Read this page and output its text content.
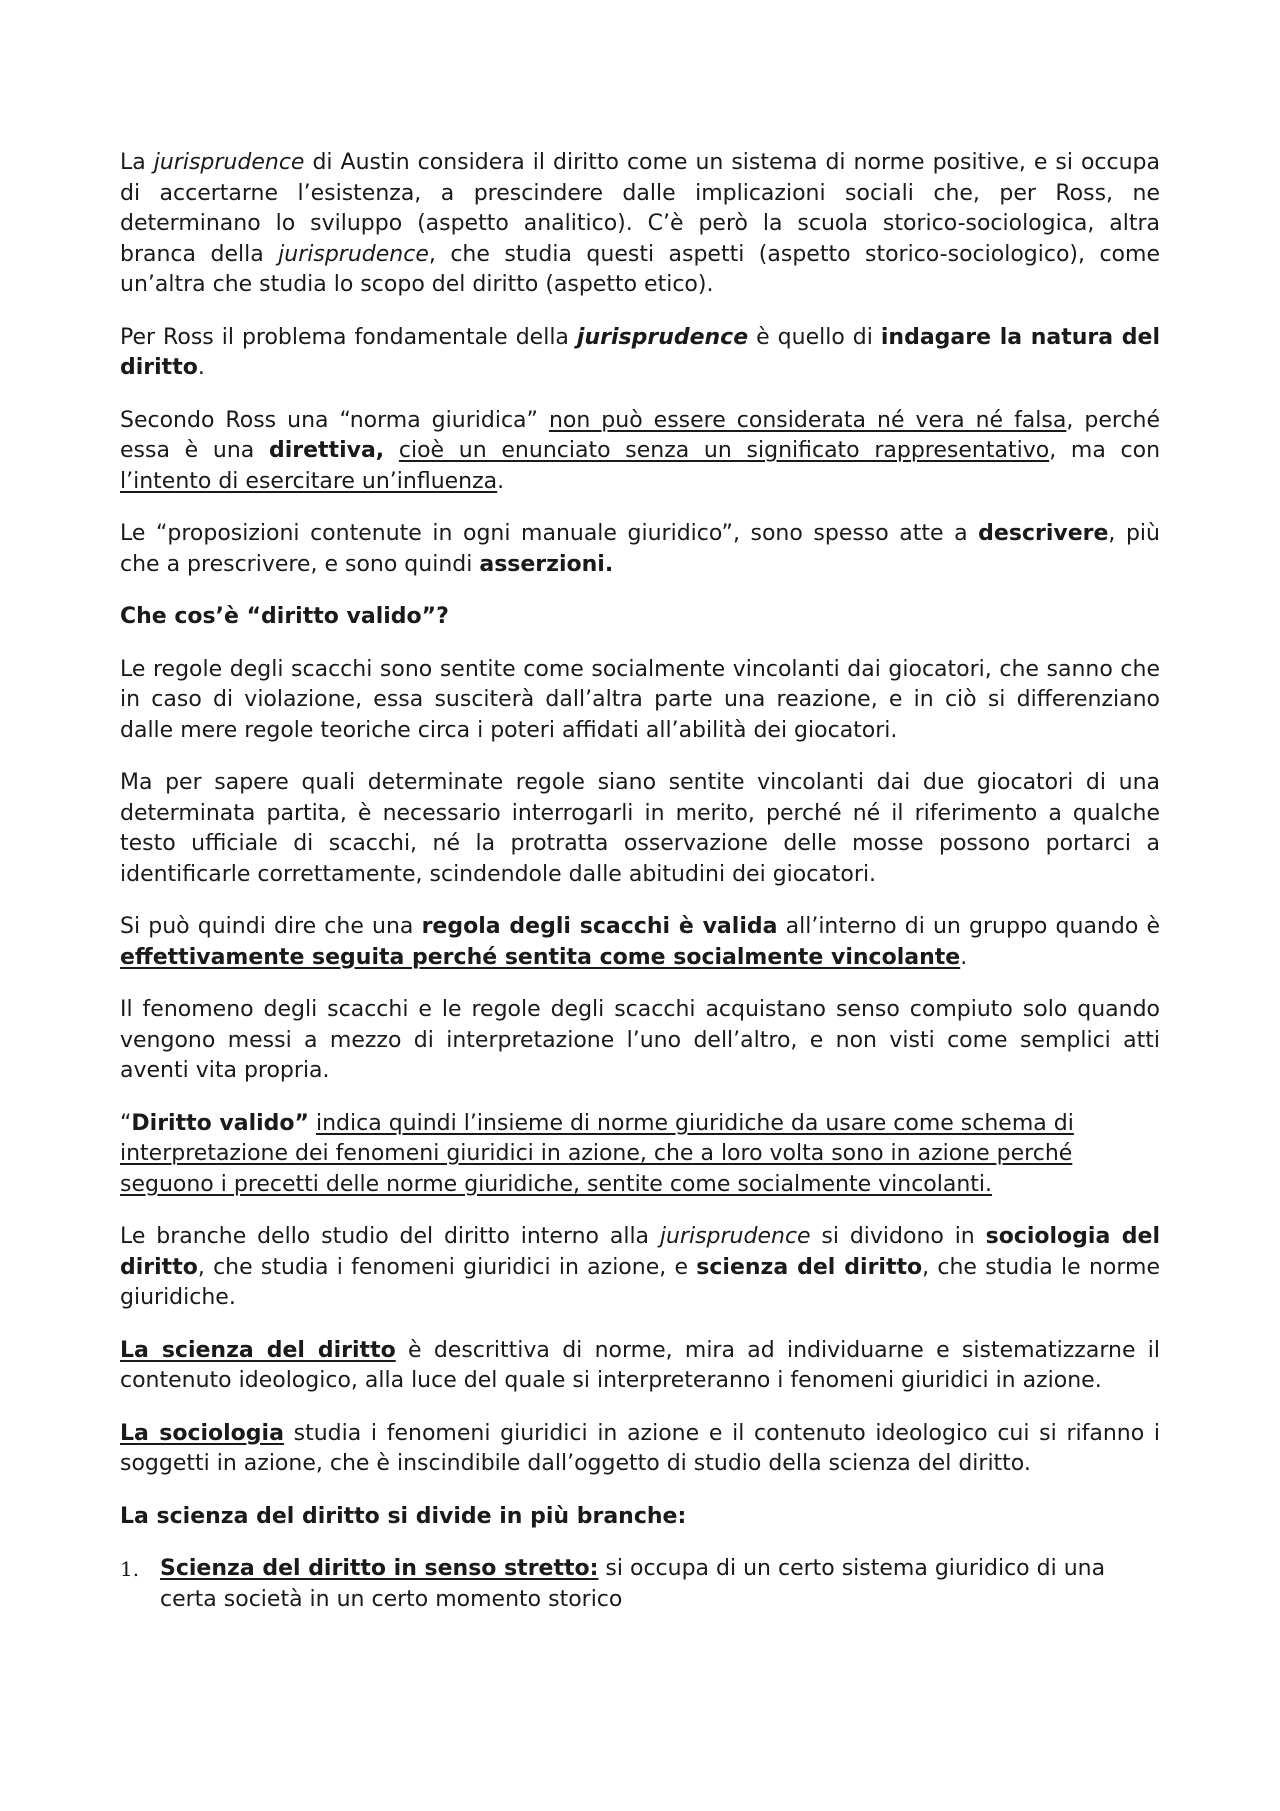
La jurisprudence di Austin considera il diritto come un sistema di norme positive, e si occupa di accertarne l’esistenza, a prescindere dalle implicazioni sociali che, per Ross, ne determinano lo sviluppo (aspetto analitico). C’è però la scuola storico-sociologica, altra branca della jurisprudence, che studia questi aspetti (aspetto storico-sociologico), come un’altra che studia lo scopo del diritto (aspetto etico).

Per Ross il problema fondamentale della jurisprudence è quello di indagare la natura del diritto.

Secondo Ross una “norma giuridica” non può essere considerata né vera né falsa, perché essa è una direttiva, cioè un enunciato senza un significato rappresentativo, ma con l’intento di esercitare un’influenza.

Le “proposizioni contenute in ogni manuale giuridico”, sono spesso atte a descrivere, più che a prescrivere, e sono quindi asserzioni.

Che cos’è “diritto valido”?

Le regole degli scacchi sono sentite come socialmente vincolanti dai giocatori, che sanno che in caso di violazione, essa susciterà dall’altra parte una reazione, e in ciò si differenziano dalle mere regole teoriche circa i poteri affidati all’abilità dei giocatori.

Ma per sapere quali determinate regole siano sentite vincolanti dai due giocatori di una determinata partita, è necessario interrogarli in merito, perché né il riferimento a qualche testo ufficiale di scacchi, né la protratta osservazione delle mosse possono portarci a identificarle correttamente, scindendole dalle abitudini dei giocatori.

Si può quindi dire che una regola degli scacchi è valida all’interno di un gruppo quando è effettivamente seguita perché sentita come socialmente vincolante.

Il fenomeno degli scacchi e le regole degli scacchi acquistano senso compiuto solo quando vengono messi a mezzo di interpretazione l’uno dell’altro, e non visti come semplici atti aventi vita propria.

“Diritto valido” indica quindi l’insieme di norme giuridiche da usare come schema di interpretazione dei fenomeni giuridici in azione, che a loro volta sono in azione perché seguono i precetti delle norme giuridiche, sentite come socialmente vincolanti.

Le branche dello studio del diritto interno alla jurisprudence si dividono in sociologia del diritto, che studia i fenomeni giuridici in azione, e scienza del diritto, che studia le norme giuridiche.

La scienza del diritto è descrittiva di norme, mira ad individuarne e sistematizzarne il contenuto ideologico, alla luce del quale si interpreteranno i fenomeni giuridici in azione.

La sociologia studia i fenomeni giuridici in azione e il contenuto ideologico cui si rifanno i soggetti in azione, che è inscindibile dall’oggetto di studio della scienza del diritto.

La scienza del diritto si divide in più branche:

1. Scienza del diritto in senso stretto: si occupa di un certo sistema giuridico di una certa società in un certo momento storico
